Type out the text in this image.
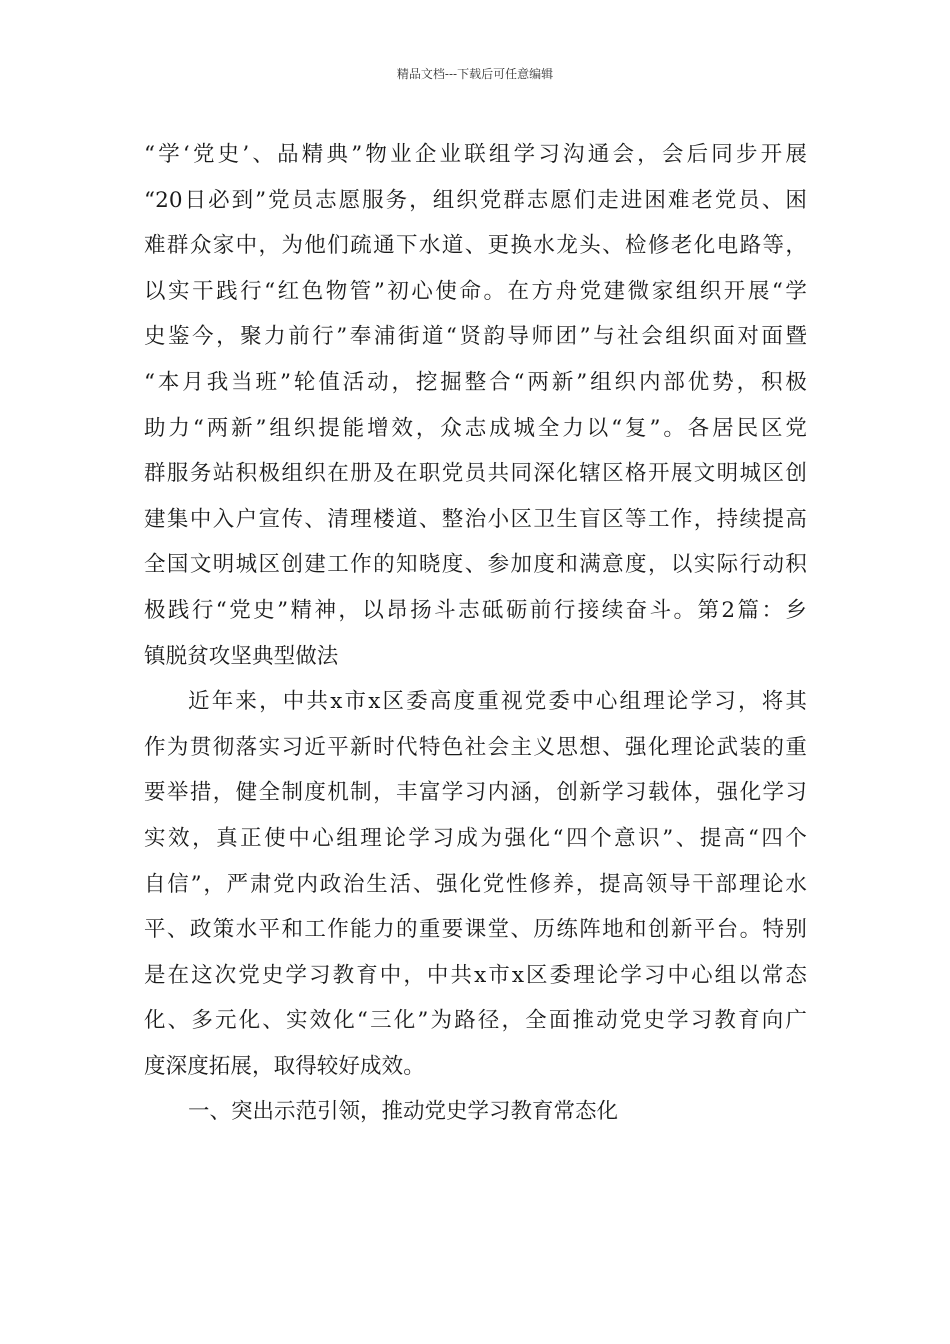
精品文档---下载后可任意编辑

“学‘党史’、品精典”物业企业联组学习沟通会，会后同步开展
“20日必到”党员志愿服务，组织党群志愿们走进困难老党员、困
难群众家中，为他们疏通下水道、更换水龙头、检修老化电路等，
以实干践行“红色物管”初心使命。在方舟党建微家组织开展“学
史鉴今，聚力前行”奉浦街道“贤韵导师团”与社会组织面对面暨
“本月我当班”轮值活动，挖掘整合“两新”组织内部优势，积极
助力“两新”组织提能增效，众志成城全力以“复”。各居民区党
群服务站积极组织在册及在职党员共同深化辖区格开展文明城区创
建集中入户宣传、清理楼道、整治小区卫生盲区等工作，持续提高
全国文明城区创建工作的知晓度、参加度和满意度，以实际行动积
极践行“党史”精神，以昂扬斗志砥砺前行接续奋斗。第2篇：乡
镇脱贫攻坚典型做法

近年来，中共x市x区委高度重视党委中心组理论学习，将其
作为贯彻落实习近平新时代特色社会主义思想、强化理论武装的重
要举措，健全制度机制，丰富学习内涵，创新学习载体，强化学习
实效，真正使中心组理论学习成为强化“四个意识”、提高“四个
自信”，严肃党内政治生活、强化党性修养，提高领导干部理论水
平、政策水平和工作能力的重要课堂、历练阵地和创新平台。特别
是在这次党史学习教育中，中共x市x区委理论学习中心组以常态
化、多元化、实效化“三化”为路径，全面推动党史学习教育向广
度深度拓展，取得较好成效。

一、突出示范引领，推动党史学习教育常态化
